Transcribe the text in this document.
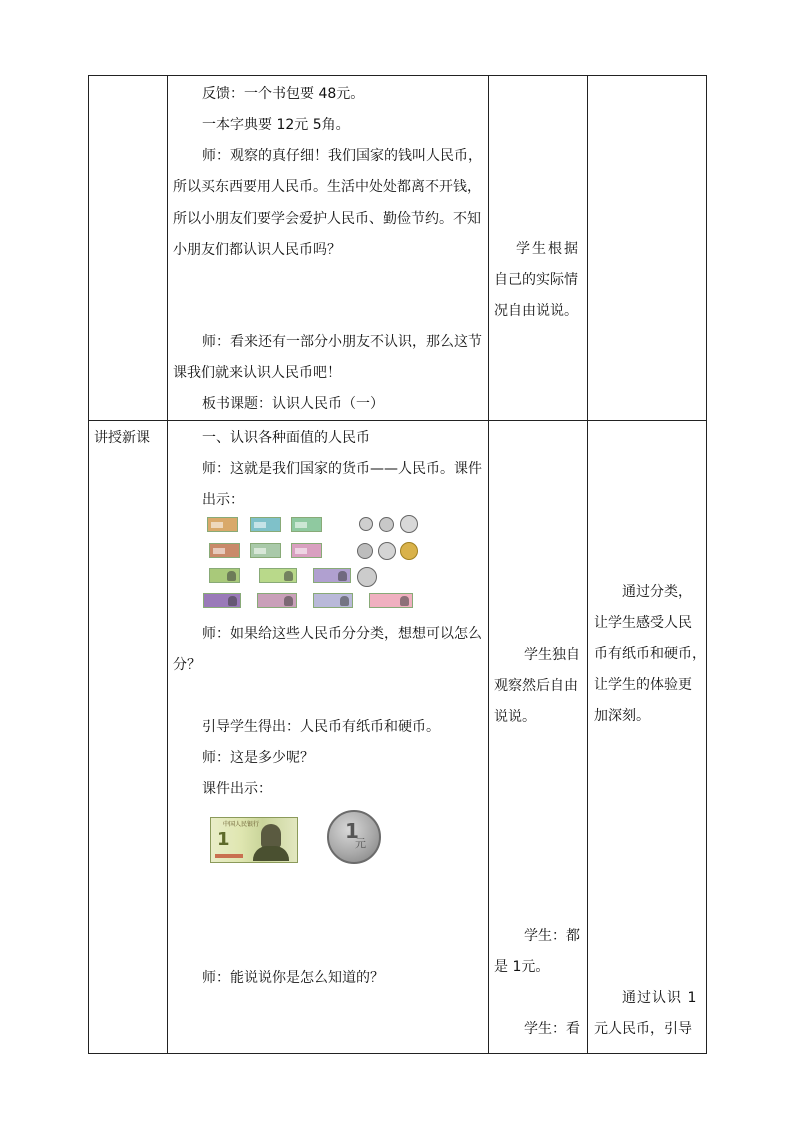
反馈：一个书包要 48元。
一本字典要 12元 5角。
师：观察的真仔细！我们国家的钱叫人民币，
所以买东西要用人民币。生活中处处都离不开钱，
所以小朋友们要学会爱护人民币、勤俭节约。不知
小朋友们都认识人民币吗？
师：看来还有一部分小朋友不认识，那么这节
课我们就来认识人民币吧！
板书课题：认识人民币（一）
学生根据
自己的实际情
况自由说说。
讲授新课	一、认识各种面值的人民币
师：这就是我们国家的货币——人民币。课件
出示：
师：如果给这些人民币分分类，想想可以怎么
分？
引导学生得出：人民币有纸币和硬币。
师：这是多少呢？
课件出示：
中国人民银行
1	1
元
师：能说说你是怎么知道的？
学生独自
观察然后自由
说说。
学生：都
是 1元。
学生：看
通过分类，
让学生感受人民
币有纸币和硬币，
让学生的体验更
加深刻。
通过认识 1
元人民币，引导
